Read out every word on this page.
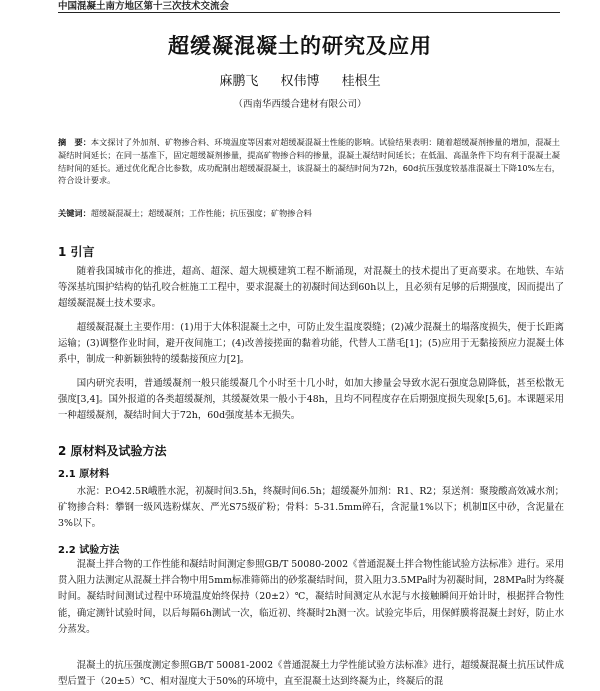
中国混凝土南方地区第十三次技术交流会
超缓凝混凝土的研究及应用
麻鹏飞 权伟博 桂根生
（西南华西缓合建材有限公司）
摘　要：本文探讨了外加剂、矿物掺合料、环境温度等因素对超缓凝混凝土性能的影响。试验结果表明：随着超缓凝剂掺量的增加，混凝土凝结时间延长；在同一基准下，固定超缓凝剂掺量，提高矿物掺合料的掺量，混凝土凝结时间延长；在低温、高温条件下均有利于混凝土凝结时间的延长。通过优化配合比参数，成功配制出超缓凝混凝土，该混凝土的凝结时间为72h，60d抗压强度较基准混凝土下降10%左右，符合设计要求。
关键词：超缓凝混凝土；超缓凝剂；工作性能；抗压强度；矿物掺合料
1 引言

随着我国城市化的推进，超高、超深、超大规模建筑工程不断涌现，对混凝土的技术提出了更高要求。在地铁、车站等深基坑围护结构的钻孔咬合桩施工工程中，要求混凝土的初凝时间达到60h以上，且必须有足够的后期强度，因而提出了超缓凝混凝土技术要求。

超缓凝混凝土主要作用：(1)用于大体积混凝土之中，可防止发生温度裂缝；(2)减少混凝土的塌落度损失，便于长距离运输；(3)调整作业时间，避开夜间施工；(4)改善接搓面的黏着功能，代替人工凿毛[1]；(5)应用于无黏接预应力混凝土体系中，制成一种新颖独特的缓黏接预应力[2]。

国内研究表明，普通缓凝剂一般只能缓凝几个小时至十几小时，如加大掺量会导致水泥石强度急剧降低，甚至松散无强度[3,4]。国外报道的各类超缓凝剂，其缓凝效果一般小于48h，且均不同程度存在后期强度损失现象[5,6]。本课题采用一种超缓凝剂，凝结时间大于72h，60d强度基本无损失。

2 原材料及试验方法
2.1 原材料

水泥：P.O42.5R峨胜水泥，初凝时间3.5h，终凝时间6.5h；超缓凝外加剂：R1、R2；泵送剂：聚羧酸高效减水剂；矿物掺合料：攀钢一级风选粉煤灰、严光S75级矿粉；骨料：5-31.5mm碎石，含泥量1%以下；机制Ⅱ区中砂，含泥量在3%以下。

2.2 试验方法

混凝土拌合物的工作性能和凝结时间测定参照GB/T 50080-2002《普通混凝土拌合物性能试验方法标准》进行。采用贯入阻力法测定从混凝土拌合物中用5mm标准筛筛出的砂浆凝结时间，贯入阻力3.5MPa时为初凝时间，28MPa时为终凝时间。凝结时间测试过程中环境温度始终保持（20±2）℃，凝结时间测定从水泥与水接触瞬间开始计时，根据拌合物性能，确定测针试验时间，以后每隔6h测试一次，临近初、终凝时2h测一次。试验完毕后，用保鲜膜将混凝土封好，防止水分蒸发。

混凝土的抗压强度测定参照GB/T 50081-2002《普通混凝土力学性能试验方法标准》进行，超缓凝混凝土抗压试件成型后置于（20±5）℃、相对湿度大于50%的环境中，直至混凝土达到终凝为止，终凝后的混
